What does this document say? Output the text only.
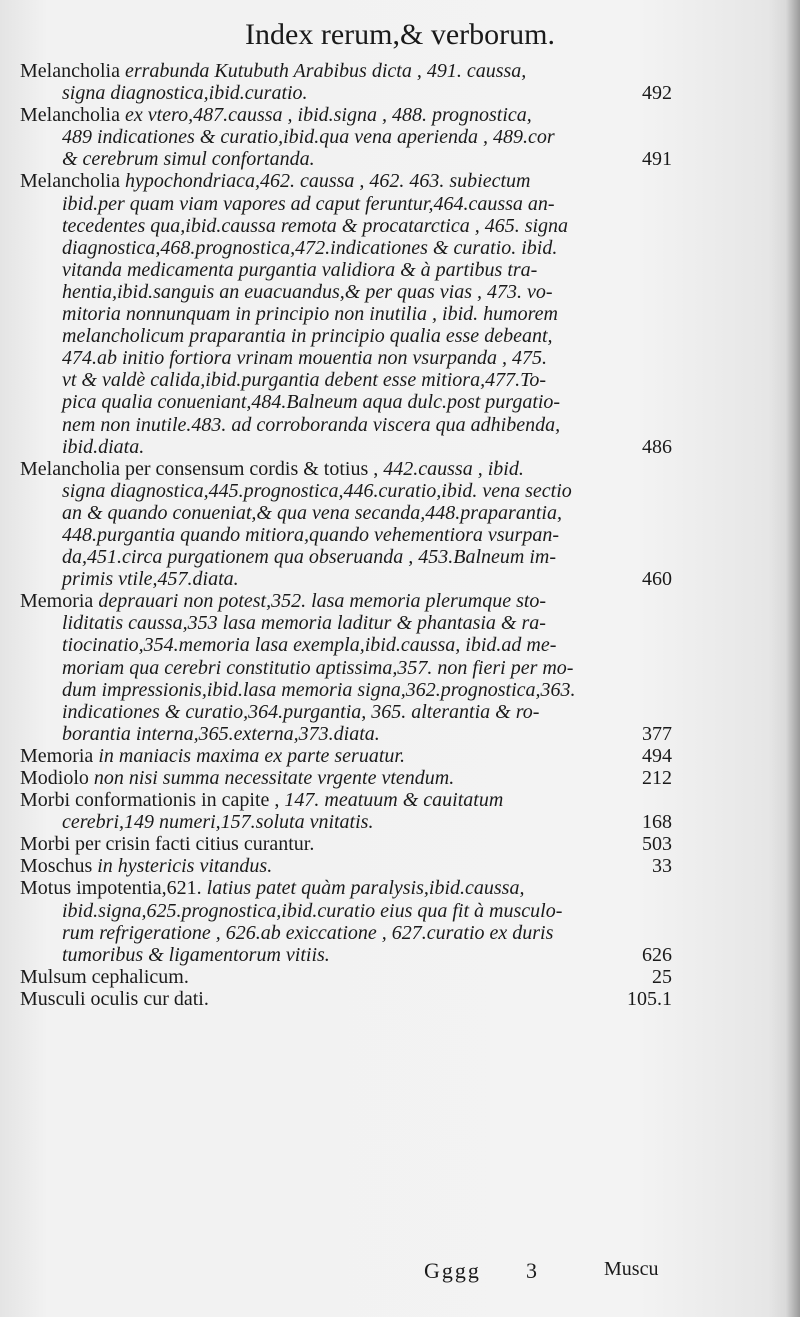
Index rerum,& verborum.
Melancholia errabunda Kutubuth Arabibus dicta , 491. caussa,
signa diagnostica,ibid.curatio.	492
Melancholia ex vtero,487.caussa , ibid.signa , 488. prognostica,
489 indicationes & curatio,ibid.qua vena aperienda , 489.cor
& cerebrum simul confortanda.	491
Melancholia hypochondriaca,462. caussa , 462. 463. subiectum
ibid.per quam viam vapores ad caput feruntur,464.caussa an-
tecedentes qua,ibid.caussa remota & procatarctica , 465. signa
diagnostica,468.prognostica,472.indicationes & curatio. ibid.
vitanda medicamenta purgantia validiora & à partibus tra-
hentia,ibid.sanguis an euacuandus,& per quas vias , 473. vo-
mitoria nonnunquam in principio non inutilia , ibid. humorem
melancholicum praparantia in principio qualia esse debeant,
474.ab initio fortiora vrinam mouentia non vsurpanda , 475.
vt & valdè calida,ibid.purgantia debent esse mitiora,477.To-
pica qualia conueniant,484.Balneum aqua dulc.post purgatio-
nem non inutile.483. ad corroboranda viscera qua adhibenda,
ibid.diata.	486
Melancholia per consensum cordis & totius , 442.caussa , ibid.
signa diagnostica,445.prognostica,446.curatio,ibid. vena sectio
an & quando conueniat,& qua vena secanda,448.praparantia,
448.purgantia quando mitiora,quando vehementiora vsurpan-
da,451.circa purgationem qua obseruanda , 453.Balneum im-
primis vtile,457.diata.	460
Memoria deprauari non potest,352. lasa memoria plerumque sto-
liditatis caussa,353 lasa memoria laditur & phantasia & ra-
tiocinatio,354.memoria lasa exempla,ibid.caussa, ibid.ad me-
moriam qua cerebri constitutio aptissima,357. non fieri per mo-
dum impressionis,ibid.lasa memoria signa,362.prognostica,363.
indicationes & curatio,364.purgantia, 365. alterantia & ro-
borantia interna,365.externa,373.diata.	377
Memoria in maniacis maxima ex parte seruatur.	494
Modiolo non nisi summa necessitate vrgente vtendum.	212
Morbi conformationis in capite , 147. meatuum & cauitatum
cerebri,149 numeri,157.soluta vnitatis.	168
Morbi per crisin facti citius curantur.	503
Moschus in hystericis vitandus.	33
Motus impotentia,621. latius patet quàm paralysis,ibid.caussa,
ibid.signa,625.prognostica,ibid.curatio eius qua fit à musculo-
rum refrigeratione , 626.ab exiccatione , 627.curatio ex duris
tumoribus & ligamentorum vitiis.	626
Mulsum cephalicum.	25
Musculi oculis cur dati.	105.1
Gggg 3	Muscu
